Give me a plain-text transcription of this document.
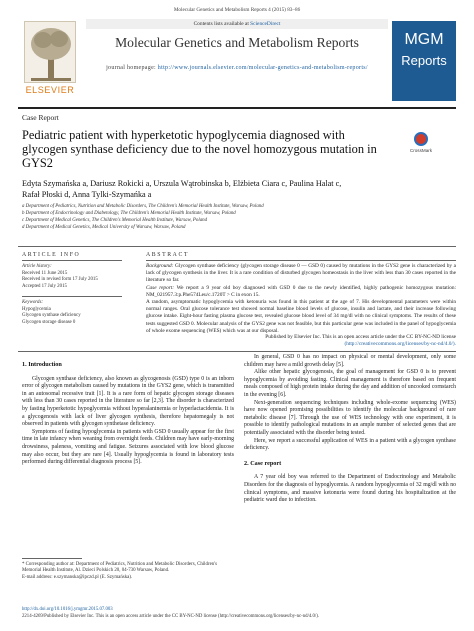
Molecular Genetics and Metabolism Reports 4 (2015) 83–86
ELSEVIER
Contents lists available at ScienceDirect
Molecular Genetics and Metabolism Reports
journal homepage: http://www.journals.elsevier.com/molecular-genetics-and-metabolism-reports/
MGM
Reports
Case Report
Pediatric patient with hyperketotic hypoglycemia diagnosed with glycogen synthase deficiency due to the novel homozygous mutation in GYS2
CrossMark
Edyta Szymańska a, Dariusz Rokicki a, Urszula Wątrobinska b, Elżbieta Ciara c, Paulina Halat c,
Rafał Płoski d, Anna Tylki-Szymańka a
a Department of Pediatrics, Nutrition and Metabolic Disorders, The Children's Memorial Health Institute, Warsaw, Poland
b Department of Endocrinology and Diabetology, The Children's Memorial Health Institute, Warsaw, Poland
c Department of Medical Genetics, The Children's Memorial Health Institute, Warsaw, Poland
d Department of Medical Genetics, Medical University of Warsaw, Warsaw, Poland
ARTICLE INFO	ABSTRACT
Article history:
Received 11 June 2015
Received in revised form 17 July 2015
Accepted 17 July 2015
Keywords:
Hypoglycemia
Glycogen synthase deficiency
Glycogen storage disease 0
Background: Glycogen synthase deficiency (glycogen storage disease 0 — GSD 0) caused by mutations in the GYS2 gene is characterized by a lack of glycogen synthesis in the liver. It is a rare condition of disturbed glycogen homeostasis in the liver with less than 30 cases reported in the literature so far.
Case report: We report a 9 year old boy diagnosed with GSD 0 due to the newly identified, highly pathogenic homozygous mutation: NM_021957.3:p.Phe574Leu/c.1720T > C in exon 15.
A random, asymptomatic hypoglycemia with ketonuria was found in this patient at the age of 7. His developmental parameters were within normal ranges. Oral glucose tolerance test showed normal baseline blood levels of glucose, insulin and lactate, and their increase following glucose intake. Eight-hour fasting plasma glucose test, revealed glucose blood level of 34 mg/dl with no clinical symptoms. The results of these tests suggested GSD 0. Molecular analysis of the GYS2 gene was not feasible, but this particular gene was included in the panel of hypoglycemia of whole exome sequencing (WES) which was at our disposal.
Published by Elsevier Inc. This is an open access article under the CC BY-NC-ND license
(http://creativecommons.org/licenses/by-nc-nd/4.0/).
1. Introduction

Glycogen synthase deficiency, also known as glycogenosis (GSD) type 0 is an inborn error of glycogen metabolism caused by mutations in the GYS2 gene, which is transmitted in an autosomal recessive trait [1]. It is a rare form of hepatic glycogen storage diseases with less than 30 cases reported in the literature so far [2,3]. The disorder is characterized by fasting hyperketotic hypoglycemia without hyperalaninemia or hyperlactacidemia. It is a glycogenosis with lack of liver glycogen synthesis, therefore hepatomegaly is not observed in patients with glycogen synthetase deficiency.

Symptoms of fasting hypoglycemia in patients with GSD 0 usually appear for the first time in late infancy when weaning from overnight feeds. Children may have early-morning drowsiness, paleness, vomiting and fatigue. Seizures associated with low blood glucose may also occur, but they are rare [4]. Usually hypoglycemia is found in laboratory tests performed during differential diagnosis process [5].

In general, GSD 0 has no impact on physical or mental development, only some children may have a mild growth delay [5].

Alike other hepatic glycogenosis, the goal of management for GSD 0 is to prevent hypoglycemia by avoiding fasting. Clinical management is therefore based on frequent meals composed of high protein intake during the day and addition of uncooked cornstarch in the evening [6].

Next-generation sequencing techniques including whole-exome sequencing (WES) have now opened promising possibilities to identify the molecular background of rare metabolic disease [7]. Through the use of WES technology with one experiment, it is possible to identify pathological mutations in an ample number of selected genes that are potentially associated with the disorder being tested.

Here, we report a successful application of WES in a patient with a glycogen synthase deficiency.

2. Case report

A 7 year old boy was referred to the Department of Endocrinology and Metabolic Disorders for the diagnosis of hypoglycemia. A random hypoglycemia of 32 mg/dl with no clinical symptoms, and massive ketonuria were found during his hospitalization at the pediatric ward due to infection.

* Corresponding author at: Department of Pediatrics, Nutrition and Metabolic Disorders, Children's Memorial Health Institute, Al. Dzieci Polskich 20, 04-730 Warsaw, Poland.
E-mail address: e.szymanska@ipczd.pl (E. Szymańska).
http://dx.doi.org/10.1016/j.ymgmr.2015.07.003
2214-4269/Published by Elsevier Inc. This is an open access article under the CC BY-NC-ND license (http://creativecommons.org/licenses/by-nc-nd/4.0/).
